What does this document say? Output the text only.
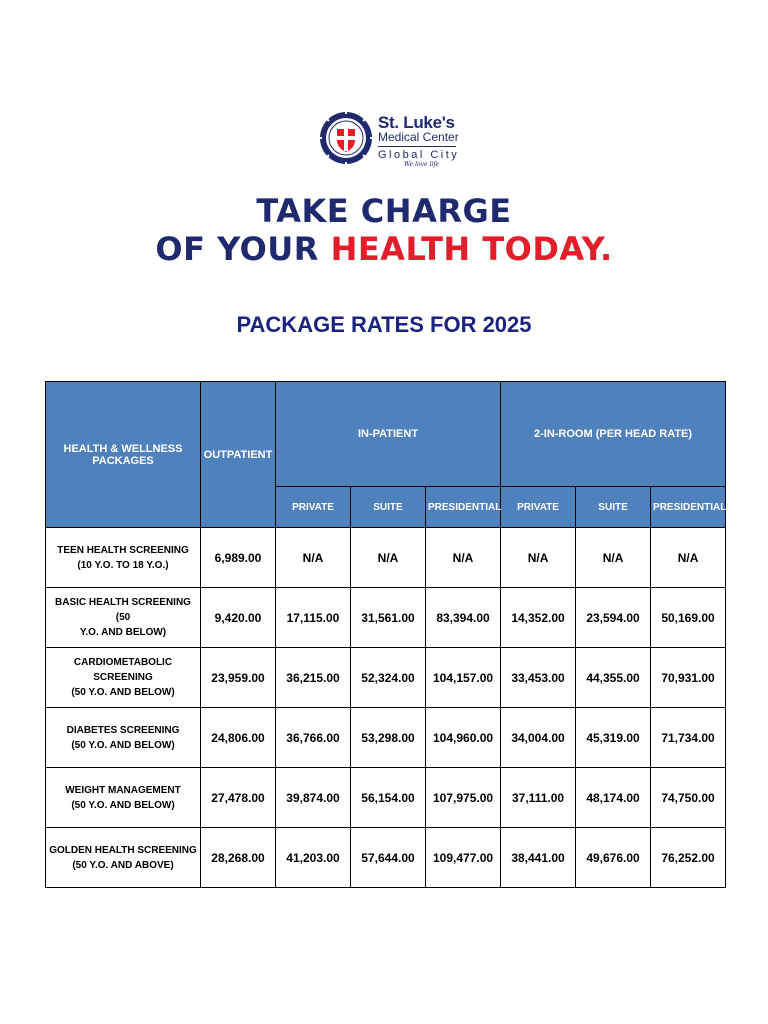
St. Luke's
Medical Center
Global City
We love life
TAKE CHARGE
OF YOUR HEALTH TODAY.
PACKAGE RATES FOR 2025
HEALTH & WELLNESS PACKAGES	OUTPATIENT	IN-PATIENT			2-IN-ROOM (PER HEAD RATE)		
		PRIVATE	SUITE	PRESIDENTIAL	PRIVATE	SUITE	PRESIDENTIAL

TEEN HEALTH SCREENING
(10 Y.O. TO 18 Y.O.)	6,989.00	N/A	N/A	N/A	N/A	N/A	N/A

BASIC HEALTH SCREENING (50
Y.O. AND BELOW)	9,420.00	17,115.00	31,561.00	83,394.00	14,352.00	23,594.00	50,169.00

CARDIOMETABOLIC SCREENING
(50 Y.O. AND BELOW)	23,959.00	36,215.00	52,324.00	104,157.00	33,453.00	44,355.00	70,931.00

DIABETES SCREENING
(50 Y.O. AND BELOW)	24,806.00	36,766.00	53,298.00	104,960.00	34,004.00	45,319.00	71,734.00

WEIGHT MANAGEMENT
(50 Y.O. AND BELOW)	27,478.00	39,874.00	56,154.00	107,975.00	37,111.00	48,174.00	74,750.00

GOLDEN HEALTH SCREENING
(50 Y.O. AND ABOVE)	28,268.00	41,203.00	57,644.00	109,477.00	38,441.00	49,676.00	76,252.00
